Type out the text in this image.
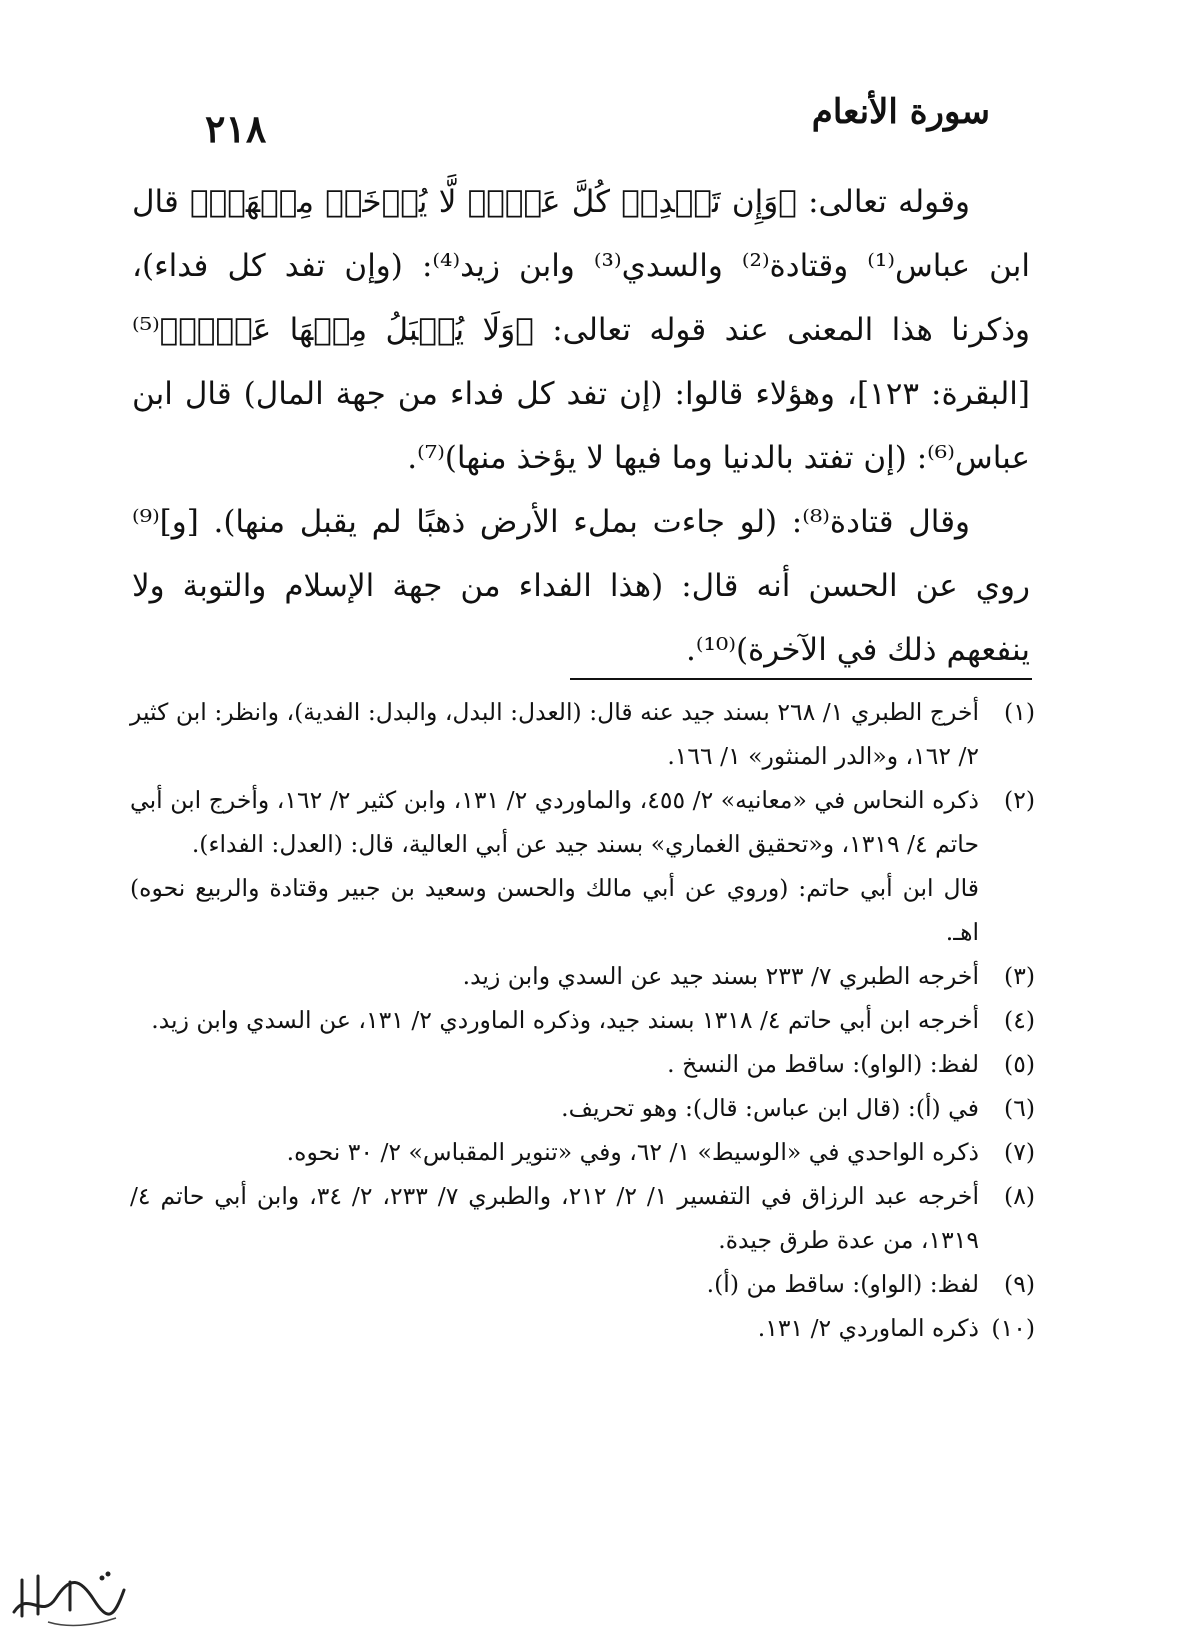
٢١٨	سورة الأنعام

وقوله تعالى: ﴿وَإِن تَعۡدِلۡ كُلَّ عَدۡلٖ لَّا يُؤۡخَذۡ مِنۡهَآۗ﴾ قال ابن عباس⁽¹⁾ وقتادة⁽²⁾ والسدي⁽³⁾ وابن زيد⁽⁴⁾: (وإن تفد كل فداء)، وذكرنا هذا المعنى عند قوله تعالى: ﴿وَلَا يُقۡبَلُ مِنۡهَا عَدۡلٞ﴾⁽⁵⁾ [البقرة: ١٢٣]، وهؤلاء قالوا: (إن تفد كل فداء من جهة المال) قال ابن عباس⁽⁶⁾: (إن تفتد بالدنيا وما فيها لا يؤخذ منها)⁽⁷⁾.

وقال قتادة⁽⁸⁾: (لو جاءت بملء الأرض ذهبًا لم يقبل منها). [و]⁽⁹⁾ روي عن الحسن أنه قال: (هذا الفداء من جهة الإسلام والتوبة ولا ينفعهم ذلك في الآخرة)⁽¹⁰⁾.

(١)

أخرج الطبري ١/ ٢٦٨ بسند جيد عنه قال: (العدل: البدل، والبدل: الفدية)، وانظر: ابن كثير ٢/ ١٦٢، و«الدر المنثور» ١/ ١٦٦.

(٢)

ذكره النحاس في «معانيه» ٢/ ٤٥٥، والماوردي ٢/ ١٣١، وابن كثير ٢/ ١٦٢، وأخرج ابن أبي حاتم ٤/ ١٣١٩، و«تحقيق الغماري» بسند جيد عن أبي العالية، قال: (العدل: الفداء).

قال ابن أبي حاتم: (وروي عن أبي مالك والحسن وسعيد بن جبير وقتادة والربيع نحوه) اهـ.

(٣)

أخرجه الطبري ٧/ ٢٣٣ بسند جيد عن السدي وابن زيد.

(٤)

أخرجه ابن أبي حاتم ٤/ ١٣١٨ بسند جيد، وذكره الماوردي ٢/ ١٣١، عن السدي وابن زيد.

(٥)

لفظ: (الواو): ساقط من النسخ .

(٦)

في (أ): (قال ابن عباس: قال): وهو تحريف.

(٧)

ذكره الواحدي في «الوسيط» ١/ ٦٢، وفي «تنوير المقباس» ٢/ ٣٠ نحوه.

(٨)

أخرجه عبد الرزاق في التفسير ١/ ٢/ ٢١٢، والطبري ٧/ ٢٣٣، ٢/ ٣٤، وابن أبي حاتم ٤/ ١٣١٩، من عدة طرق جيدة.

(٩)

لفظ: (الواو): ساقط من (أ).

(١٠)

ذكره الماوردي ٢/ ١٣١.
